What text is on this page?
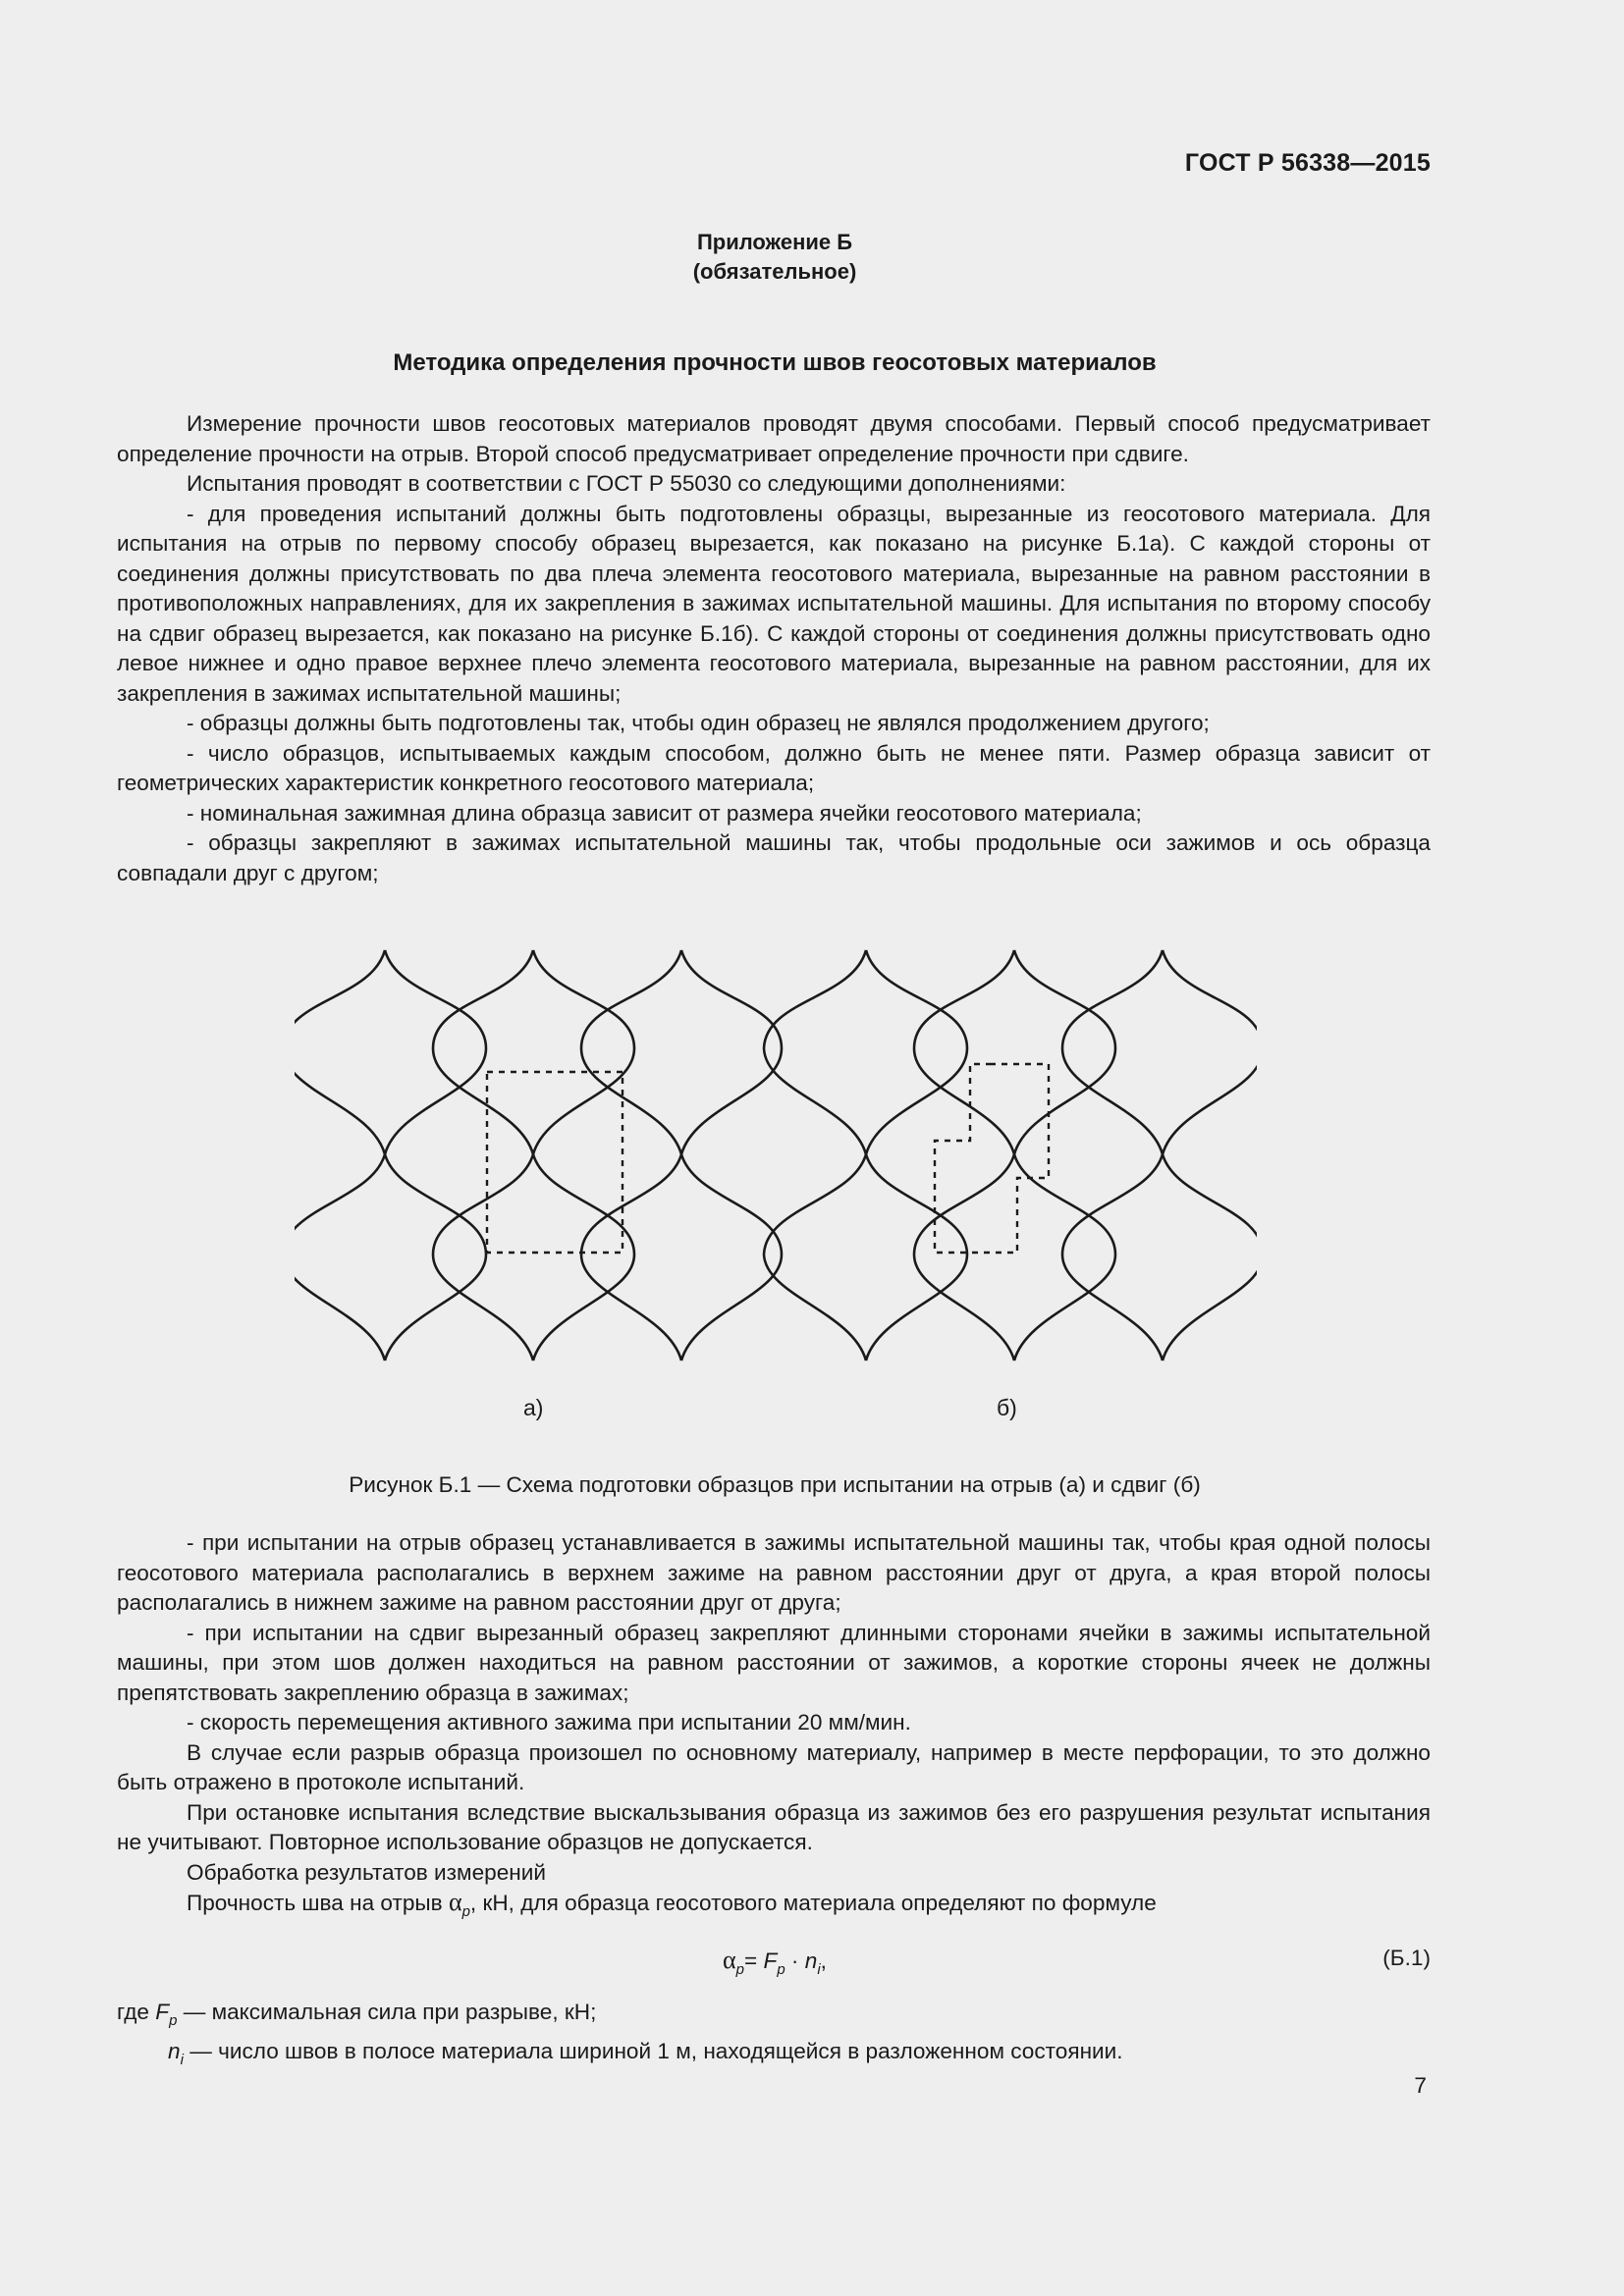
ГОСТ Р 56338—2015
Приложение Б
(обязательное)
Методика определения прочности швов геосотовых материалов

Измерение прочности швов геосотовых материалов проводят двумя способами. Первый способ предусматривает определение прочности на отрыв. Второй способ предусматривает определение прочности при сдвиге.

Испытания проводят в соответствии с ГОСТ Р 55030 со следующими дополнениями:

- для проведения испытаний должны быть подготовлены образцы, вырезанные из геосотового материала. Для испытания на отрыв по первому способу образец вырезается, как показано на рисунке Б.1а). С каждой стороны от соединения должны присутствовать по два плеча элемента геосотового материала, вырезанные на равном расстоянии в противоположных направлениях, для их закрепления в зажимах испытательной машины. Для испытания по второму способу на сдвиг образец вырезается, как показано на рисунке Б.1б). С каждой стороны от соединения должны присутствовать одно левое нижнее и одно правое верхнее плечо элемента геосотового материала, вырезанные на равном расстоянии, для их закрепления в зажимах испытательной машины;

- образцы должны быть подготовлены так, чтобы один образец не являлся продолжением другого;

- число образцов, испытываемых каждым способом, должно быть не менее пяти. Размер образца зависит от геометрических характеристик конкретного геосотового материала;

- номинальная зажимная длина образца зависит от размера ячейки геосотового материала;

- образцы закрепляют в зажимах испытательной машины так, чтобы продольные оси зажимов и ось образца совпадали друг с другом;

а)	б)
Рисунок Б.1 — Схема подготовки образцов при испытании на отрыв (а) и сдвиг (б)

- при испытании на отрыв образец устанавливается в зажимы испытательной машины так, чтобы края одной полосы геосотового материала располагались в верхнем зажиме на равном расстоянии друг от друга, а края второй полосы располагались в нижнем зажиме на равном расстоянии друг от друга;

- при испытании на сдвиг вырезанный образец закрепляют длинными сторонами ячейки в зажимы испытательной машины, при этом шов должен находиться на равном расстоянии от зажимов, а короткие стороны ячеек не должны препятствовать закреплению образца в зажимах;

- скорость перемещения активного зажима при испытании 20 мм/мин.

В случае если разрыв образца произошел по основному материалу, например в месте перфорации, то это должно быть отражено в протоколе испытаний.

При остановке испытания вследствие выскальзывания образца из зажимов без его разрушения результат испытания не учитывают. Повторное использование образцов не допускается.

Обработка результатов измерений

Прочность шва на отрыв $\alpha_p$, кН, для образца геосотового материала определяют по формуле

$\alpha_p= F_p \cdot n_i$,	(Б.1)

где $F_p$ — максимальная сила при разрыве, кН;

$n_i$ — число швов в полосе материала шириной 1 м, находящейся в разложенном состоянии.

7
